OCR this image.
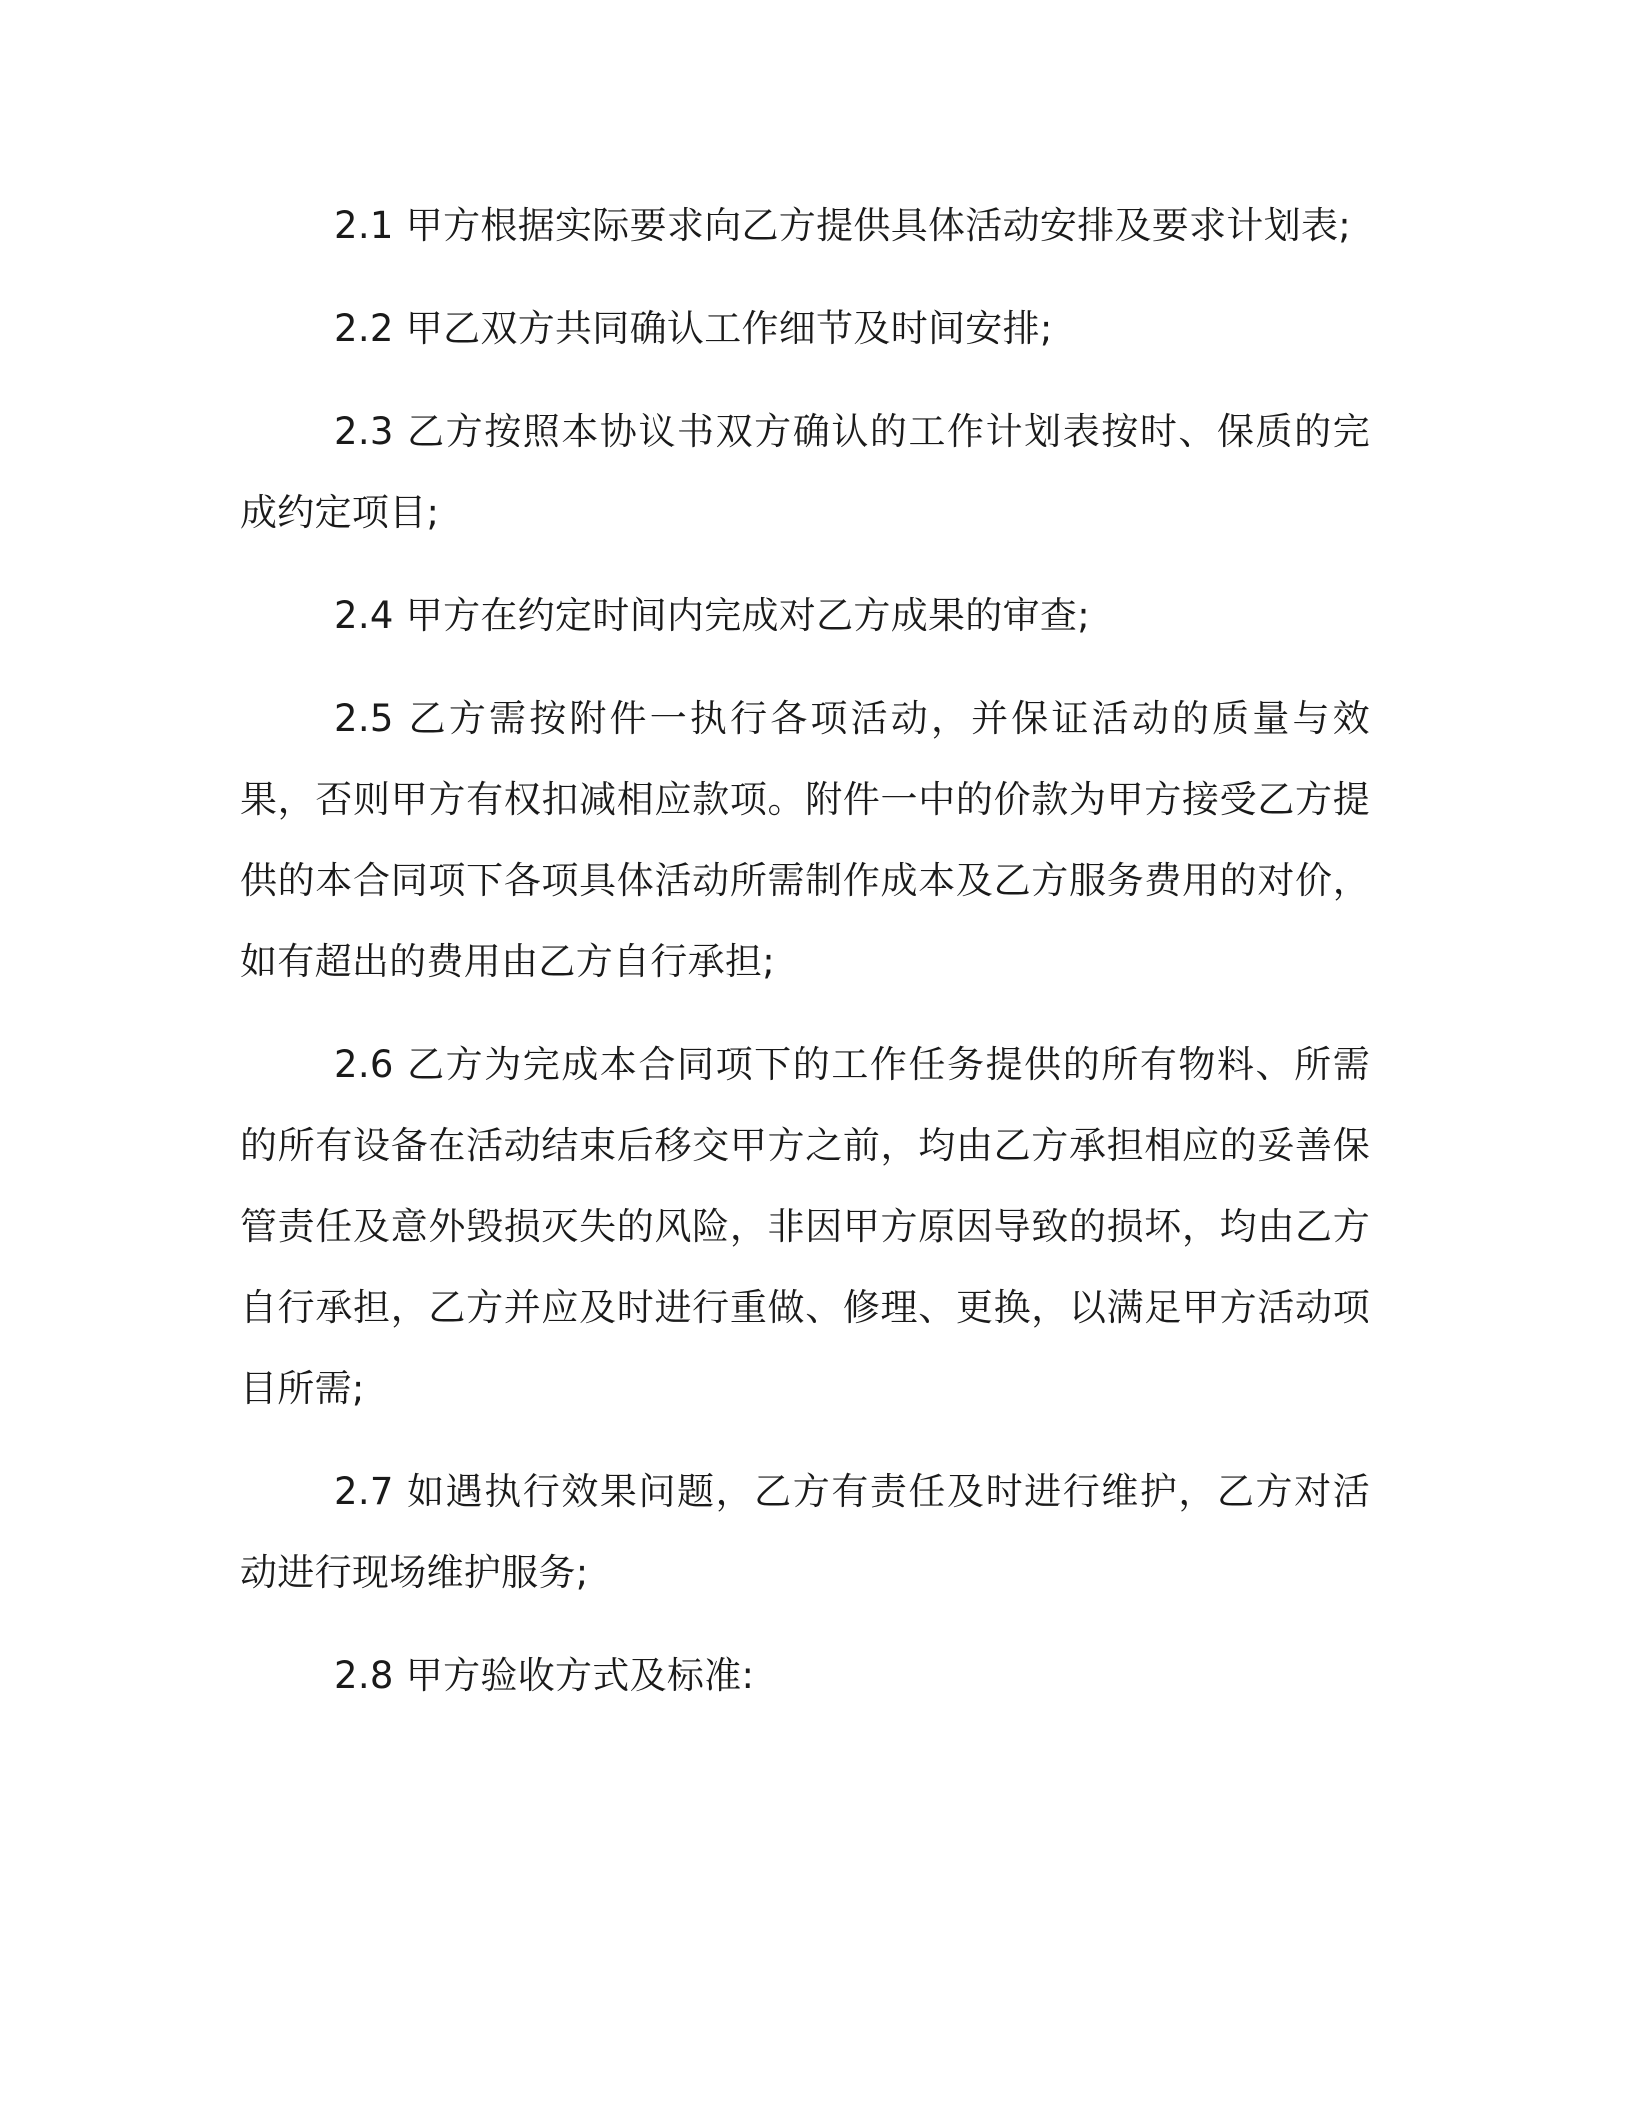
2.1 甲方根据实际要求向乙方提供具体活动安排及要求计划表;

2.2 甲乙双方共同确认工作细节及时间安排;

2.3 乙方按照本协议书双方确认的工作计划表按时、保质的完成约定项目;

2.4 甲方在约定时间内完成对乙方成果的审查;

2.5 乙方需按附件一执行各项活动，并保证活动的质量与效果，否则甲方有权扣减相应款项。附件一中的价款为甲方接受乙方提供的本合同项下各项具体活动所需制作成本及乙方服务费用的对价，如有超出的费用由乙方自行承担;

2.6 乙方为完成本合同项下的工作任务提供的所有物料、所需的所有设备在活动结束后移交甲方之前，均由乙方承担相应的妥善保管责任及意外毁损灭失的风险，非因甲方原因导致的损坏，均由乙方自行承担，乙方并应及时进行重做、修理、更换，以满足甲方活动项目所需;

2.7 如遇执行效果问题，乙方有责任及时进行维护，乙方对活动进行现场维护服务;

2.8 甲方验收方式及标准:
